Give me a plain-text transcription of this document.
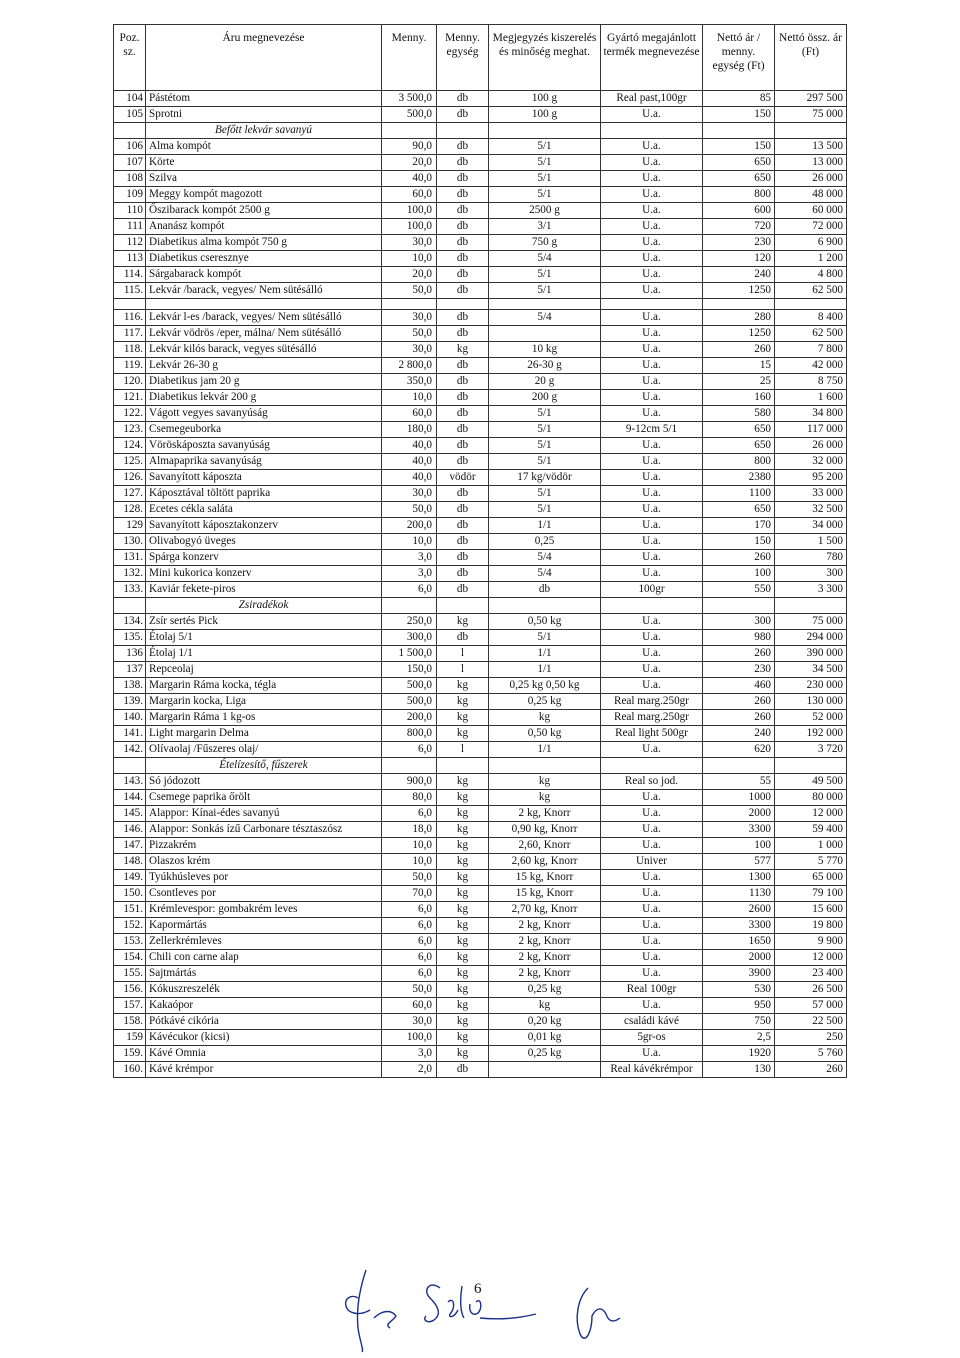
Poz. sz.	Áru megnevezése	Menny.	Menny. egység	Megjegyzés kiszerelés és minőség meghat.	Gyártó megajánlott termék megnevezése	Nettó ár / menny. egység (Ft)	Nettó össz. ár (Ft)
104	Pástétom	3 500,0	db	100 g	Real past,100gr	85	297 500
105	Sprotni	500,0	db	100 g	U.a.	150	75 000
	Befőtt lekvár savanyú						
106	Alma kompót	90,0	db	5/1	U.a.	150	13 500
107	Körte	20,0	db	5/1	U.a.	650	13 000
108	Szilva	40,0	db	5/1	U.a.	650	26 000
109	Meggy kompót magozott	60,0	db	5/1	U.a.	800	48 000
110	Őszibarack kompót 2500 g	100,0	db	2500 g	U.a.	600	60 000
111	Ananász kompót	100,0	db	3/1	U.a.	720	72 000
112	Diabetikus alma kompót 750 g	30,0	db	750 g	U.a.	230	6 900
113	Diabetikus cseresznye	10,0	db	5/4	U.a.	120	1 200
114.	Sárgabarack kompót	20,0	db	5/1	U.a.	240	4 800
115.	Lekvár /barack, vegyes/ Nem sütésálló	50,0	db	5/1	U.a.	1250	62 500

116.	Lekvár l-es /barack, vegyes/ Nem sütésálló	30,0	db	5/4	U.a.	280	8 400
117.	Lekvár vödrös /eper, málna/ Nem sütésálló	50,0	db		U.a.	1250	62 500
118.	Lekvár kilós barack, vegyes sütésálló	30,0	kg	10 kg	U.a.	260	7 800
119.	Lekvár 26-30 g	2 800,0	db	26-30 g	U.a.	15	42 000
120.	Diabetikus jam 20 g	350,0	db	20 g	U.a.	25	8 750
121.	Diabetikus lekvár 200 g	10,0	db	200 g	U.a.	160	1 600
122.	Vágott vegyes savanyúság	60,0	db	5/1	U.a.	580	34 800
123.	Csemegeuborka	180,0	db	5/1	9-12cm 5/1	650	117 000
124.	Vöröskáposzta savanyúság	40,0	db	5/1	U.a.	650	26 000
125.	Almapaprika savanyúság	40,0	db	5/1	U.a.	800	32 000
126.	Savanyított káposzta	40,0	vödör	17 kg/vödör	U.a.	2380	95 200
127.	Káposztával töltött paprika	30,0	db	5/1	U.a.	1100	33 000
128.	Ecetes cékla saláta	50,0	db	5/1	U.a.	650	32 500
129	Savanyított káposztakonzerv	200,0	db	1/1	U.a.	170	34 000
130.	Olivabogyó üveges	10,0	db	0,25	U.a.	150	1 500
131.	Spárga konzerv	3,0	db	5/4	U.a.	260	780
132.	Mini kukorica konzerv	3,0	db	5/4	U.a.	100	300
133.	Kaviár fekete-piros	6,0	db	db	100gr	550	3 300
	Zsiradékok						
134.	Zsír sertés Pick	250,0	kg	0,50 kg	U.a.	300	75 000
135.	Étolaj 5/1	300,0	db	5/1	U.a.	980	294 000
136	Étolaj 1/1	1 500,0	l	1/1	U.a.	260	390 000
137	Repceolaj	150,0	l	1/1	U.a.	230	34 500
138.	Margarin Ráma kocka, tégla	500,0	kg	0,25 kg 0,50 kg	U.a.	460	230 000
139.	Margarin kocka, Liga	500,0	kg	0,25 kg	Real marg.250gr	260	130 000
140.	Margarin Ráma 1 kg-os	200,0	kg	kg	Real marg.250gr	260	52 000
141.	Light margarin Delma	800,0	kg	0,50 kg	Real light 500gr	240	192 000
142.	Olívaolaj /Fűszeres olaj/	6,0	l	1/1	U.a.	620	3 720
	Ételízesítő, fűszerek						
143.	Só jódozott	900,0	kg	kg	Real so jod.	55	49 500
144.	Csemege paprika őrölt	80,0	kg	kg	U.a.	1000	80 000
145.	Alappor: Kínai-édes savanyú	6,0	kg	2 kg, Knorr	U.a.	2000	12 000
146.	Alappor: Sonkás ízű Carbonare tésztaszósz	18,0	kg	0,90 kg, Knorr	U.a.	3300	59 400
147.	Pizzakrém	10,0	kg	2,60, Knorr	U.a.	100	1 000
148.	Olaszos krém	10,0	kg	2,60 kg, Knorr	Univer	577	5 770
149.	Tyúkhúsleves por	50,0	kg	15 kg, Knorr	U.a.	1300	65 000
150.	Csontleves por	70,0	kg	15 kg, Knorr	U.a.	1130	79 100
151.	Krémlevespor: gombakrém leves	6,0	kg	2,70 kg, Knorr	U.a.	2600	15 600
152.	Kapormártás	6,0	kg	2 kg, Knorr	U.a.	3300	19 800
153.	Zellerkrémleves	6,0	kg	2 kg, Knorr	U.a.	1650	9 900
154.	Chili con carne alap	6,0	kg	2 kg, Knorr	U.a.	2000	12 000
155.	Sajtmártás	6,0	kg	2 kg, Knorr	U.a.	3900	23 400
156.	Kókuszreszelék	50,0	kg	0,25 kg	Real 100gr	530	26 500
157.	Kakaópor	60,0	kg	kg	U.a.	950	57 000
158.	Pótkávé cikória	30,0	kg	0,20 kg	családi kávé	750	22 500
159	Kávécukor (kicsi)	100,0	kg	0,01 kg	5gr-os	2,5	250
159.	Kávé Omnia	3,0	kg	0,25 kg	U.a.	1920	5 760
160.	Kávé krémpor	2,0	db		Real kávékrémpor	130	260
6
